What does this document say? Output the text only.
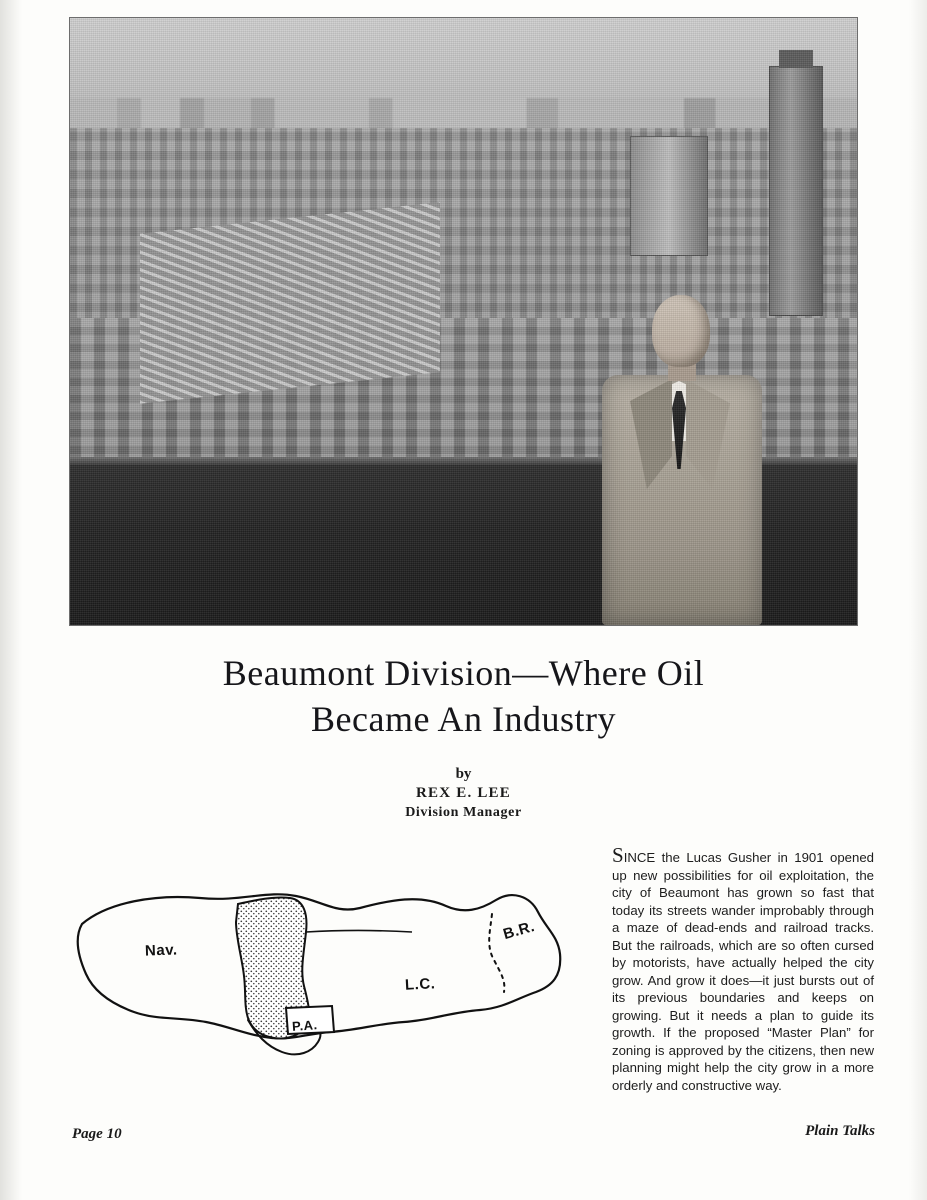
Beaumont Division—Where Oil
Became An Industry
by
REX E. LEE
Division Manager
Nav.
P.A.
L.C.
B.R.
SINCE the Lucas Gusher in 1901 opened up new possibilities for oil exploitation, the city of Beaumont has grown so fast that today its streets wander improbably through a maze of dead-ends and railroad tracks. But the railroads, which are so often cursed by motorists, have actually helped the city grow. And grow it does—it just bursts out of its previous boundaries and keeps on growing. But it needs a plan to guide its growth. If the proposed “Master Plan” for zoning is approved by the citizens, then new planning might help the city grow in a more orderly and constructive way.
Page 10	Plain Talks
